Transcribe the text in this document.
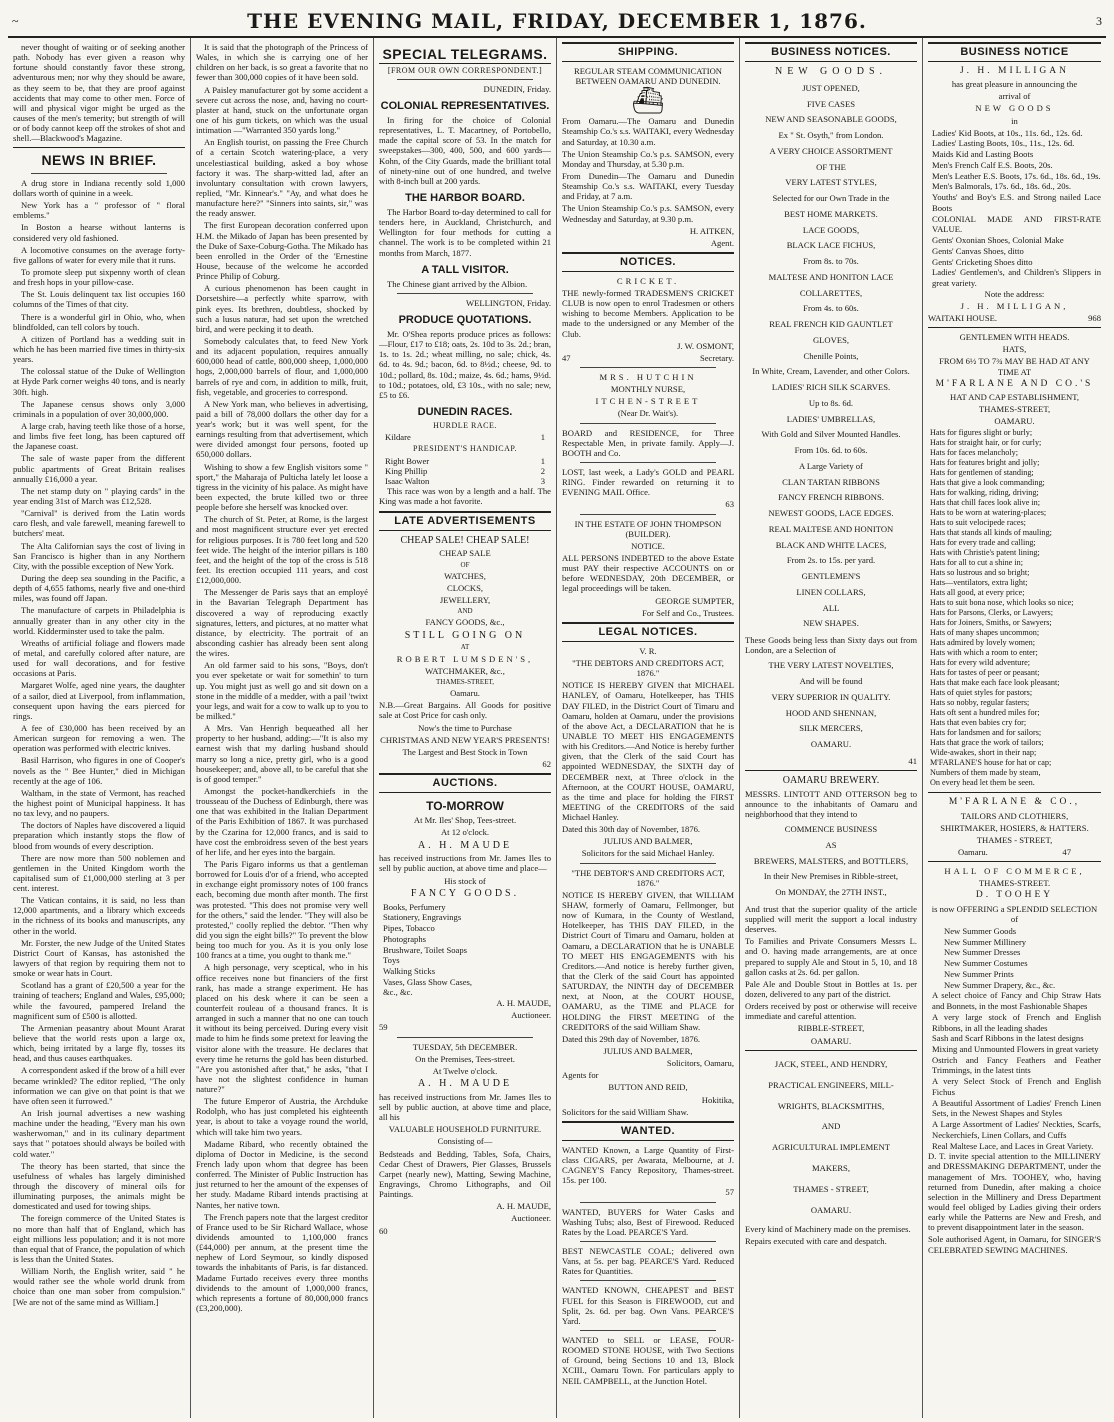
~	THE EVENING MAIL, FRIDAY, DECEMBER 1, 1876.	3

never thought of waiting or of seeking another path. Nobody has ever given a reason why fortune should constantly favor these strong, adventurous men; nor why they should be aware, as they seem to be, that they are proof against accidents that may come to other men. Force of will and physical vigor might be urged as the causes of the men's temerity; but strength of will or of body cannot keep off the strokes of shot and shell.—Blackwood's Magazine.

NEWS IN BRIEF.

A drug store in Indiana recently sold 1,000 dollars worth of quinine in a week.

New York has a " professor of " floral emblems."

In Boston a hearse without lanterns is considered very old fashioned.

A locomotive consumes on the average forty-five gallons of water for every mile that it runs.

To promote sleep put sixpenny worth of clean and fresh hops in your pillow-case.

The St. Louis delinquent tax list occupies 160 columns of the Times of that city.

There is a wonderful girl in Ohio, who, when blindfolded, can tell colors by touch.

A citizen of Portland has a wedding suit in which he has been married five times in thirty-six years.

The colossal statue of the Duke of Wellington at Hyde Park corner weighs 40 tons, and is nearly 30ft. high.

The Japanese census shows only 3,000 criminals in a population of over 30,000,000.

A large crab, having teeth like those of a horse, and limbs five feet long, has been captured off the Japanese coast.

The sale of waste paper from the different public apartments of Great Britain realises annually £16,000 a year.

The net stamp duty on " playing cards" in the year ending 31st of March was £12,528.

"Carnival" is derived from the Latin words caro flesh, and vale farewell, meaning farewell to butchers' meat.

The Alta Californian says the cost of living in San Francisco is higher than in any Northern City, with the possible exception of New York.

During the deep sea sounding in the Pacific, a depth of 4,655 fathoms, nearly five and one-third miles, was found off Japan.

The manufacture of carpets in Philadelphia is annually greater than in any other city in the world. Kidderminster used to take the palm.

Wreaths of artificial foliage and flowers made of metal, and carefully colored after nature, are used for wall decorations, and for festive occasions at Paris.

Margaret Wolfe, aged nine years, the daughter of a sailor, died at Liverpool, from inflammation, consequent upon having the ears pierced for rings.

A fee of £30,000 has been received by an American surgeon for removing a wen. The operation was performed with electric knives.

Basil Harrison, who figures in one of Cooper's novels as the " Bee Hunter," died in Michigan recently at the age of 106.

Waltham, in the state of Vermont, has reached the highest point of Municipal happiness. It has no tax levy, and no paupers.

The doctors of Naples have discovered a liquid preparation which instantly stops the flow of blood from wounds of every description.

There are now more than 500 noblemen and gentlemen in the United Kingdom worth the capitalised sum of £1,000,000 sterling at 3 per cent. interest.

The Vatican contains, it is said, no less than 12,000 apartments, and a library which exceeds in the richness of its books and manuscripts, any other in the world.

Mr. Forster, the new Judge of the United States District Court of Kansas, has astonished the lawyers of that region by requiring them not to smoke or wear hats in Court.

Scotland has a grant of £20,500 a year for the training of teachers; England and Wales, £95,000; while the favoured, pampered Ireland the magnificent sum of £500 is allotted.

The Armenian peasantry about Mount Ararat believe that the world rests upon a large ox, which, being irritated by a large fly, tosses its head, and thus causes earthquakes.

A correspondent asked if the brow of a hill ever became wrinkled? The editor replied, "The only information we can give on that point is that we have often seen it furrowed."

An Irish journal advertises a new washing machine under the heading, "Every man his own washerwoman," and in its culinary department says that " potatoes should always be boiled with cold water."

The theory has been started, that since the usefulness of whales has largely diminished through the discovery of mineral oils for illuminating purposes, the animals might be domesticated and used for towing ships.

The foreign commerce of the United States is no more than half that of England, which has eight millions less population; and it is not more than equal that of France, the population of which is less than the United States.

William North, the English writer, said " he would rather see the whole world drunk from choice than one man sober from compulsion." [We are not of the same mind as William.]

It is said that the photograph of the Princess of Wales, in which she is carrying one of her children on her back, is so great a favorite that no fewer than 300,000 copies of it have been sold.

A Paisley manufacturer got by some accident a severe cut across the nose, and, having no court-plaster at hand, stuck on the unfortunate organ one of his gum tickets, on which was the usual intimation —"Warranted 350 yards long."

An English tourist, on passing the Free Church of a certain Scotch watering-place, a very uncelestiastical building, asked a boy whose factory it was. The sharp-witted lad, after an involuntary consultation with crown lawyers, replied, "Mr. Kinnear's." "Ay, and what does he manufacture here?" "Sinners into saints, sir," was the ready answer.

The first European decoration conferred upon H.M. the Mikado of Japan has been presented by the Duke of Saxe-Coburg-Gotha. The Mikado has been enrolled in the Order of the 'Ernestine House, because of the welcome he accorded Prince Philip of Coburg.

A curious phenomenon has been caught in Dorsetshire—a perfectly white sparrow, with pink eyes. Its brethren, doubtless, shocked by such a lusus naturæ, had set upon the wretched bird, and were pecking it to death.

Somebody calculates that, to feed New York and its adjacent population, requires annually 600,000 head of cattle, 800,000 sheep, 1,000,000 hogs, 2,000,000 barrels of flour, and 1,000,000 barrels of rye and corn, in addition to milk, fruit, fish, vegetable, and groceries to correspond.

A New York man, who believes in advertising, paid a bill of 78,000 dollars the other day for a year's work; but it was well spent, for the earnings resulting from that advertisement, which were divided amongst four persons, footed up 650,000 dollars.

Wishing to show a few English visitors some " sport," the Maharaja of Pulticha lately let loose a tigress in the vicinity of his palace. As might have been expected, the brute killed two or three people before she herself was knocked over.

The church of St. Peter, at Rome, is the largest and most magnificent structure ever yet erected for religious purposes. It is 780 feet long and 520 feet wide. The height of the interior pillars is 180 feet, and the height of the top of the cross is 518 feet. Its erection occupied 111 years, and cost £12,000,000.

The Messenger de Paris says that an employé in the Bavarian Telegraph Department has discovered a way of reproducing exactly signatures, letters, and pictures, at no matter what distance, by electricity. The portrait of an absconding cashier has already been sent along the wires.

An old farmer said to his sons, "Boys, don't you ever speketate or wait for somethin' to turn up. You might just as well go and sit down on a stone in the middle of a medder, with a pail 'twixt your legs, and wait for a cow to walk up to you to be milked."

A Mrs. Van Henrigh bequeathed all her property to her husband, adding:—"It is also my earnest wish that my darling husband should marry so long a nice, pretty girl, who is a good housekeeper; and, above all, to be careful that she is of good temper."

Amongst the pocket-handkerchiefs in the trousseau of the Duchess of Edinburgh, there was one that was exhibited in the Italian Department of the Paris Exhibition of 1867. It was purchased by the Czarina for 12,000 francs, and is said to have cost the embroidress seven of the best years of her life, and her eyes into the bargain.

The Paris Figaro informs us that a gentleman borrowed for Louis d'or of a friend, who accepted in exchange eight promissory notes of 100 francs each, becoming due month after month. The first was protested. "This does not promise very well for the others," said the lender. "They will also be protested," coolly replied the debtor. "Then why did you sign the eight bills?" To prevent the blow being too much for you. As it is you only lose 100 francs at a time, you ought to thank me."

A high personage, very sceptical, who in his office receives none but financiers of the first rank, has made a strange experiment. He has placed on his desk where it can be seen a counterfeit rouleau of a thousand francs. It is arranged in such a manner that no one can touch it without its being perceived. During every visit made to him he finds some pretext for leaving the visitor alone with the treasure. He declares that every time he returns the gold has been disturbed. "Are you astonished after that," he asks, "that I have not the slightest confidence in human nature?"

The future Emperor of Austria, the Archduke Rodolph, who has just completed his eighteenth year, is about to take a voyage round the world, which will take him two years.

Madame Ribard, who recently obtained the diploma of Doctor in Medicine, is the second French lady upon whom that degree has been conferred. The Minister of Public Instruction has just returned to her the amount of the expenses of her study. Madame Ribard intends practising at Nantes, her native town.

The French papers note that the largest creditor of France used to be Sir Richard Wallace, whose dividends amounted to 1,100,000 francs (£44,000) per annum, at the present time the nephew of Lord Seymour, so kindly disposed towards the inhabitants of Paris, is far distanced. Madame Furtado receives every three months dividends to the amount of 1,000,000 francs, which represents a fortune of 80,000,000 francs (£3,200,000).

SPECIAL TELEGRAMS.
[FROM OUR OWN CORRESPONDENT.]

DUNEDIN, Friday.

COLONIAL REPRESENTATIVES.

In firing for the choice of Colonial representatives, L. T. Macartney, of Portobello, made the capital score of 53. In the match for sweepstakes—300, 400, 500, and 600 yards—Kohn, of the City Guards, made the brilliant total of ninety-nine out of one hundred, and twelve with 8-inch bull at 200 yards.

THE HARBOR BOARD.

The Harbor Board to-day determined to call for tenders here, in Auckland, Christchurch, and Wellington for four methods for cutting a channel. The work is to be completed within 21 months from March, 1877.

A TALL VISITOR.

The Chinese giant arrived by the Albion.

WELLINGTON, Friday.

PRODUCE QUOTATIONS.

Mr. O'Shea reports produce prices as follows:—Flour, £17 to £18; oats, 2s. 10d to 3s. 2d.; bran, 1s. to 1s. 2d.; wheat milling, no sale; chick, 4s. 6d. to 4s. 9d.; bacon, 6d. to 8½d.; cheese, 9d. to 10d.; pollard, 8s. 10d.; maize, 4s. 6d.; hams, 9½d. to 10d.; potatoes, old, £3 10s., with no sale; new, £5 to £6.

DUNEDIN RACES.
HURDLE RACE.
Kildare	1
PRESIDENT'S HANDICAP.
Right Bower	1
King Phillip	2
Isaac Walton	3

This race was won by a length and a half. The King was made a hot favorite.

LATE ADVERTISEMENTS

CHEAP SALE! CHEAP SALE!

CHEAP SALE

OF

WATCHES,

CLOCKS,

JEWELLERY,

AND

FANCY GOODS, &c.,

STILL GOING ON

AT

ROBERT LUMSDEN'S,

WATCHMAKER, &c.,

THAMES-STREET,

Oamaru.

N.B.—Great Bargains. All Goods for positive sale at Cost Price for cash only.

Now's the time to Purchase

CHRISTMAS AND NEW YEAR'S PRESENTS!

The Largest and Best Stock in Town

62

AUCTIONS.
TO-MORROW

At Mr. Iles' Shop, Tees-street.

At 12 o'clock.

A. H. MAUDE

has received instructions from Mr. James Iles to sell by public auction, at above time and place—

His stock of

FANCY GOODS.

Books, Perfumery

Stationery, Engravings

Pipes, Tobacco

Photographs

Brushware, Toilet Soaps

Toys

Walking Sticks

Vases, Glass Show Cases,

&c., &c.

A. H. MAUDE,

Auctioneer.

59

TUESDAY, 5th DECEMBER.

On the Premises, Tees-street.

At Twelve o'clock.

A. H. MAUDE

has received instructions from Mr. James Iles to sell by public auction, at above time and place, all his

VALUABLE HOUSEHOLD FURNITURE.

Consisting of—

Bedsteads and Bedding, Tables, Sofa, Chairs, Cedar Chest of Drawers, Pier Glasses, Brussels Carpet (nearly new), Matting, Sewing Machine, Engravings, Chromo Lithographs, and Oil Paintings.

A. H. MAUDE,

Auctioneer.

60

SHIPPING.

REGULAR STEAM COMMUNICATION BETWEEN OAMARU AND DUNEDIN.

⛴

From Oamaru.—The Oamaru and Dunedin Steamship Co.'s s.s. WAITAKI, every Wednesday and Saturday, at 10.30 a.m.

The Union Steamship Co.'s p.s. SAMSON, every Monday and Thursday, at 5.30 p.m.

From Dunedin—The Oamaru and Dunedin Steamship Co.'s s.s. WAITAKI, every Tuesday and Friday, at 7 a.m.

The Union Steamship Co.'s p.s. SAMSON, every Wednesday and Saturday, at 9.30 p.m.

H. AITKEN,

Agent.

NOTICES.

CRICKET.

THE newly-formed TRADESMEN'S CRICKET CLUB is now open to enrol Tradesmen or others wishing to become Members. Application to be made to the undersigned or any Member of the Club.

J. W. OSMONT,

47	Secretary.

MRS. HUTCHIN

MONTHLY NURSE,

ITCHEN-STREET

(Near Dr. Wait's).

BOARD and RESIDENCE, for Three Respectable Men, in private family. Apply—J. BOOTH and Co.

LOST, last week, a Lady's GOLD and PEARL RING. Finder rewarded on returning it to EVENING MAIL Office.

63

IN THE ESTATE OF JOHN THOMPSON (BUILDER).

NOTICE.

ALL PERSONS INDEBTED to the above Estate must PAY their respective ACCOUNTS on or before WEDNESDAY, 20th DECEMBER, or legal proceedings will be taken.

GEORGE SUMPTER,

For Self and Co., Trustees.

LEGAL NOTICES.

V. R.

"THE DEBTORS AND CREDITORS ACT, 1876."

NOTICE IS HEREBY GIVEN that MICHAEL HANLEY, of Oamaru, Hotelkeeper, has THIS DAY FILED, in the District Court of Timaru and Oamaru, holden at Oamaru, under the provisions of the above Act, a DECLARATION that he is UNABLE TO MEET HIS ENGAGEMENTS with his Creditors.—And Notice is hereby further given, that the Clerk of the said Court has appointed WEDNESDAY, the SIXTH day of DECEMBER next, at Three o'clock in the Afternoon, at the COURT HOUSE, OAMARU, as the time and place for holding the FIRST MEETING of the CREDITORS of the said Michael Hanley.

Dated this 30th day of November, 1876.

JULIUS AND BALMER,

Solicitors for the said Michael Hanley.

"THE DEBTOR'S AND CREDITORS ACT, 1876."

NOTICE IS HEREBY GIVEN, that WILLIAM SHAW, formerly of Oamaru, Fellmonger, but now of Kumara, in the County of Westland, Hotelkeeper, has THIS DAY FILED, in the District Court of Timaru and Oamaru, holden at Oamaru, a DECLARATION that he is UNABLE TO MEET HIS ENGAGEMENTS with his Creditors.—And notice is hereby further given, that the Clerk of the said Court has appointed SATURDAY, the NINTH day of DECEMBER next, at Noon, at the COURT HOUSE, OAMARU, as the TIME and PLACE for HOLDING the FIRST MEETING of the CREDITORS of the said William Shaw.

Dated this 29th day of November, 1876.

JULIUS AND BALMER,

Solicitors, Oamaru,

Agents for

BUTTON AND REID,

Hokitika,

Solicitors for the said William Shaw.

WANTED.

WANTED Known, a Large Quantity of First-class CIGARS, per Awarata, Melbourne, at J. CAGNEY'S Fancy Repository, Thames-street. 15s. per 100.

57

WANTED, BUYERS for Water Casks and Washing Tubs; also, Best of Firewood. Reduced Rates by the Load. PEARCE'S Yard.

BEST NEWCASTLE COAL; delivered own Vans, at 5s. per bag. PEARCE'S Yard. Reduced Rates for Quantities.

WANTED KNOWN, CHEAPEST and BEST FUEL for this Season is FIREWOOD, cut and Split, 2s. 6d. per bag. Own Vans. PEARCE'S Yard.

WANTED to SELL or LEASE, FOUR-ROOMED STONE HOUSE, with Two Sections of Ground, being Sections 10 and 13, Block XCIII., Oamaru Town. For particulars apply to NEIL CAMPBELL, at the Junction Hotel.

BUSINESS NOTICES.

NEW GOODS.

JUST OPENED,

FIVE CASES

NEW AND SEASONABLE GOODS,

Ex " St. Osyth," from London.

A VERY CHOICE ASSORTMENT

OF THE

VERY LATEST STYLES,

Selected for our Own Trade in the

BEST HOME MARKETS.

LACE GOODS,

BLACK LACE FICHUS,

From 8s. to 70s.

MALTESE AND HONITON LACE

COLLARETTES,

From 4s. to 60s.

REAL FRENCH KID GAUNTLET

GLOVES,

Chenille Points,

In White, Cream, Lavender, and other Colors.

LADIES' RICH SILK SCARVES.

Up to 8s. 6d.

LADIES' UMBRELLAS,

With Gold and Silver Mounted Handles.

From 10s. 6d. to 60s.

A Large Variety of

CLAN TARTAN RIBBONS

FANCY FRENCH RIBBONS.

NEWEST GOODS, LACE EDGES.

REAL MALTESE AND HONITON

BLACK AND WHITE LACES,

From 2s. to 15s. per yard.

GENTLEMEN'S

LINEN COLLARS,

ALL

NEW SHAPES.

These Goods being less than Sixty days out from London, are a Selection of

THE VERY LATEST NOVELTIES,

And will be found

VERY SUPERIOR IN QUALITY.

HOOD AND SHENNAN,

SILK MERCERS,

OAMARU.

41

OAMARU BREWERY.

MESSRS. LINTOTT AND OTTERSON beg to announce to the inhabitants of Oamaru and neighborhood that they intend to

COMMENCE BUSINESS

AS

BREWERS, MALSTERS, and BOTTLERS,

In their New Premises in Ribble-street,

On MONDAY, the 27TH INST.,

And trust that the superior quality of the article supplied will merit the support a local industry deserves.

To Families and Private Consumers Messrs L. and O. having made arrangements, are at once prepared to supply Ale and Stout in 5, 10, and 18 gallon casks at 2s. 6d. per gallon.

Pale Ale and Double Stout in Bottles at 1s. per dozen, delivered to any part of the district.

Orders received by post or otherwise will receive immediate and careful attention.

RIBBLE-STREET,

OAMARU.

JACK, STEEL, AND HENDRY,

PRACTICAL ENGINEERS, MILL-

WRIGHTS, BLACKSMITHS,

AND

AGRICULTURAL IMPLEMENT

MAKERS,

THAMES - STREET,

OAMARU.

Every kind of Machinery made on the premises.

Repairs executed with care and despatch.

BUSINESS NOTICE

J. H. MILLIGAN

has great pleasure in announcing the

arrival of

NEW GOODS

in

Ladies' Kid Boots, at 10s., 11s. 6d., 12s. 6d.

Ladies' Lasting Boots, 10s., 11s., 12s. 6d.

Maids Kid and Lasting Boots

Men's French Calf E.S. Boots, 20s.

Men's Leather E.S. Boots, 17s. 6d., 18s. 6d., 19s.

Men's Balmorals, 17s. 6d., 18s. 6d., 20s.

Youths' and Boy's E.S. and Strong nailed Lace Boots

COLONIAL MADE AND FIRST-RATE VALUE.

Gents' Oxonian Shoes, Colonial Make

Gents' Canvas Shoes, ditto

Gents' Cricketing Shoes ditto

Ladies' Gentlemen's, and Children's Slippers in great variety.

Note the address:

J. H. MILLIGAN,

WAITAKI HOUSE.	968

GENTLEMEN WITH HEADS.

HATS,

FROM 6½ TO 7¾ MAY BE HAD AT ANY TIME AT

M'FARLANE AND CO.'S

HAT AND CAP ESTABLISHMENT,

THAMES-STREET,

OAMARU.

Hats for figures slight or burly;

Hats for straight hair, or for curly;

Hats for faces melancholy;

Hats for features bright and jolly;

Hats for gentlemen of standing;

Hats that give a look commanding;

Hats for walking, riding, driving;

Hats that chill faces look alive in;

Hats to be worn at watering-places;

Hats to suit velocipede races;

Hats that stands all kinds of mauling;

Hats for every trade and calling;

Hats with Christie's patent lining;

Hats for all to cut a shine in;

Hats so lustrous and so bright;

Hats—ventilators, extra light;

Hats all good, at every price;

Hats to suit bona nose, which looks so nice;

Hats for Parsons, Clerks, or Lawyers;

Hats for Joiners, Smiths, or Sawyers;

Hats of many shapes uncommon;

Hats admired by lovely women;

Hats with which a room to enter;

Hats for every wild adventure;

Hats for tastes of peer or peasant;

Hats that make each face look pleasant;

Hats of quiet styles for pastors;

Hats so nobby, regular fasters;

Hats oft sent a hundred miles for;

Hats that even babies cry for;

Hats for landsmen and for sailors;

Hats that grace the work of tailors;

Wide-awakes, short in their nap;

M'FARLANE'S house for hat or cap;

Numbers of them made by steam,

On every head let them be seen.

M'FARLANE & CO.,

TAILORS AND CLOTHIERS,

SHIRTMAKER, HOSIERS, & HATTERS.

THAMES - STREET,

Oamaru.	47

HALL OF COMMERCE,

THAMES-STREET.

D. TOOHEY

is now OFFERING a SPLENDID SELECTION of

New Summer Goods

New Summer Millinery

New Summer Dresses

New Summer Costumes

New Summer Prints

New Summer Drapery, &c., &c.

A select choice of Fancy and Chip Straw Hats and Bonnets, in the most Fashionable Shapes

A very large stock of French and English Ribbons, in all the leading shades

Sash and Scarf Ribbons in the latest designs

Mixing and Unmounted Flowers in great variety

Ostrich and Fancy Feathers and Feather Trimmings, in the latest tints

A very Select Stock of French and English Fichus

A Beautiful Assortment of Ladies' French Linen Sets, in the Newest Shapes and Styles

A Large Assortment of Ladies' Neckties, Scarfs, Neckerchiefs, Linen Collars, and Cuffs

Real Maltese Lace, and Laces in Great Variety.

D. T. invite special attention to the MILLINERY and DRESSMAKING DEPARTMENT, under the management of Mrs. TOOHEY, who, having returned from Dunedin, after making a choice selection in the Millinery and Dress Department would feel obliged by Ladies giving their orders early while the Patterns are New and Fresh, and to prevent disappointment later in the season.

Sole authorised Agent, in Oamaru, for SINGER'S CELEBRATED SEWING MACHINES.
